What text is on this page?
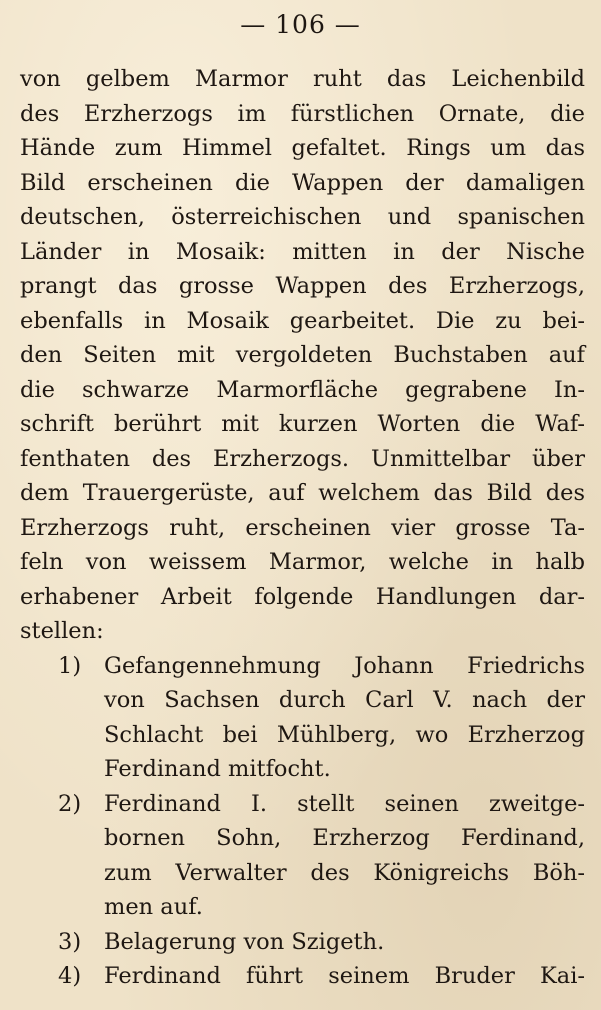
— 106 —
von gelbem Marmor ruht das Leichenbild
des Erzherzogs im fürstlichen Ornate, die
Hände zum Himmel gefaltet. Rings um das
Bild erscheinen die Wappen der damaligen
deutschen, österreichischen und spanischen
Länder in Mosaik: mitten in der Nische
prangt das grosse Wappen des Erzherzogs,
ebenfalls in Mosaik gearbeitet. Die zu bei-
den Seiten mit vergoldeten Buchstaben auf
die schwarze Marmorfläche gegrabene In-
schrift berührt mit kurzen Worten die Waf-
fenthaten des Erzherzogs. Unmittelbar über
dem Trauergerüste, auf welchem das Bild des
Erzherzogs ruht, erscheinen vier grosse Ta-
feln von weissem Marmor, welche in halb
erhabener Arbeit folgende Handlungen dar-
stellen:
1)	Gefangennehmung Johann Friedrichs
von Sachsen durch Carl V. nach der
Schlacht bei Mühlberg, wo Erzherzog
Ferdinand mitfocht.
2)	Ferdinand I. stellt seinen zweitge-
bornen Sohn, Erzherzog Ferdinand,
zum Verwalter des Königreichs Böh-
men auf.
3)	Belagerung von Szigeth.
4)	Ferdinand führt seinem Bruder Kai-
